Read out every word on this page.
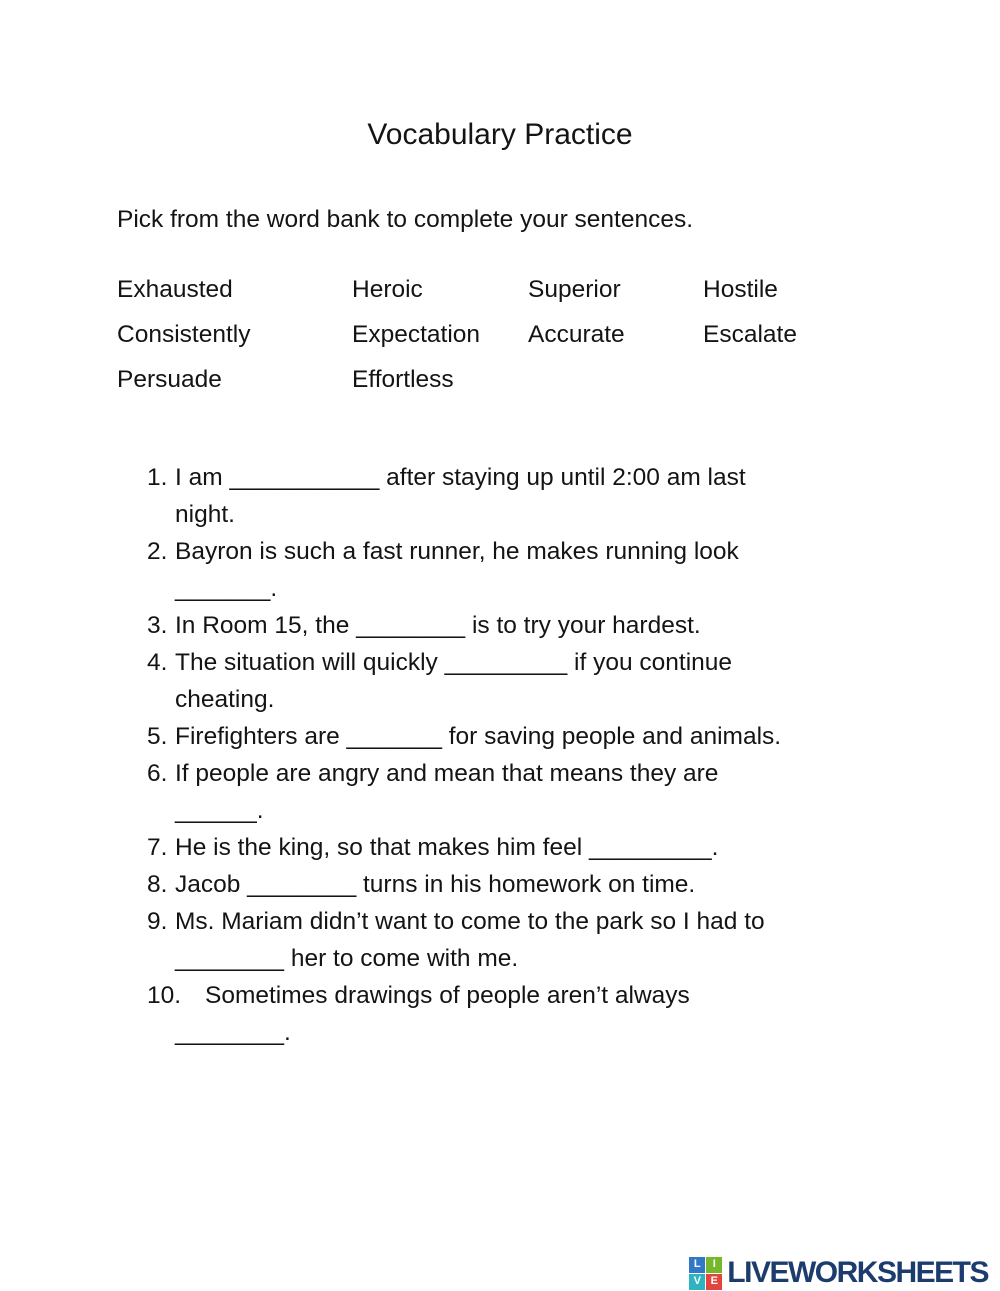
Vocabulary Practice

Pick from the word bank to complete your sentences.

Exhausted	Heroic	Superior	Hostile
Consistently	Expectation	Accurate	Escalate
Persuade	Effortless
1. I am ___________ after staying up until 2:00 am last
night.
2. Bayron is such a fast runner, he makes running look
_______.
3. In Room 15, the ________ is to try your hardest.
4. The situation will quickly _________ if you continue
cheating.
5. Firefighters are _______ for saving people and animals.
6. If people are angry and mean that means they are
______.
7. He is the king, so that makes him feel _________.
8. Jacob ________ turns in his homework on time.
9. Ms. Mariam didn’t want to come to the park so I had to
________ her to come with me.
10. Sometimes drawings of people aren’t always
________.
L	I
V E LIVEWORKSHEETS
